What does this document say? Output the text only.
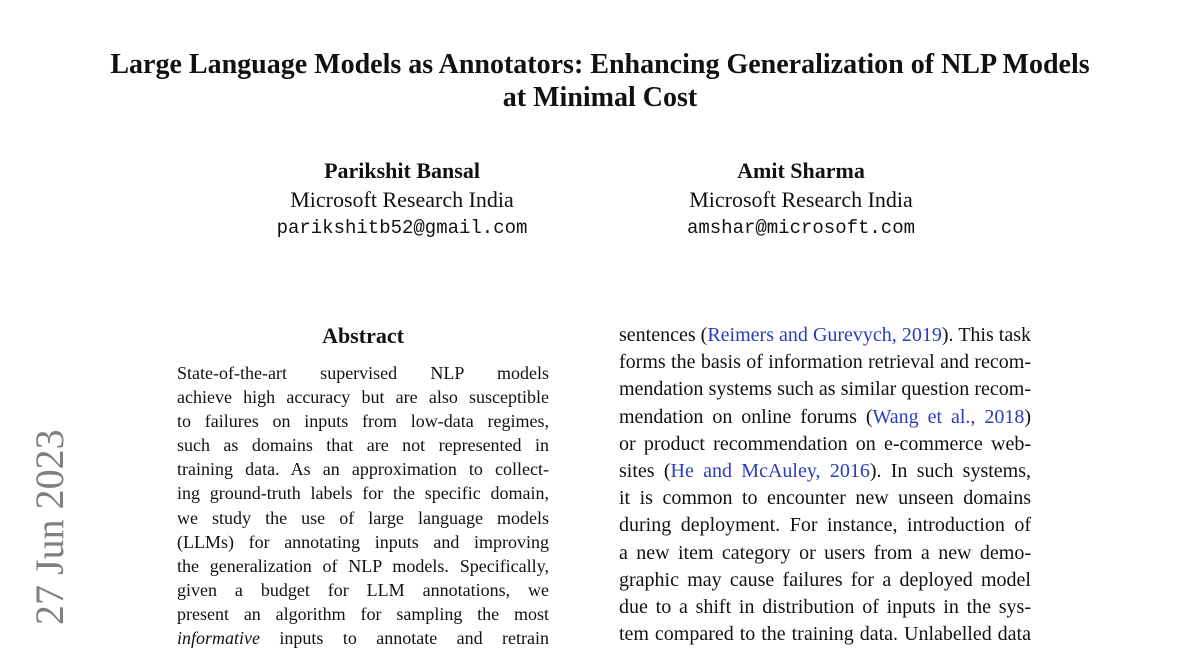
Large Language Models as Annotators: Enhancing Generalization of NLP Models at Minimal Cost
Parikshit Bansal
Microsoft Research India
parikshitb52@gmail.com
Amit Sharma
Microsoft Research India
amshar@microsoft.com
27 Jun 2023
Abstract
State-of-the-art supervised NLP models
achieve high accuracy but are also susceptible
to failures on inputs from low-data regimes,
such as domains that are not represented in
training data. As an approximation to collect-
ing ground-truth labels for the specific domain,
we study the use of large language models
(LLMs) for annotating inputs and improving
the generalization of NLP models. Specifically,
given a budget for LLM annotations, we
present an algorithm for sampling the most
informative inputs to annotate and retrain
sentences (Reimers and Gurevych, 2019). This task
forms the basis of information retrieval and recom-
mendation systems such as similar question recom-
mendation on online forums (Wang et al., 2018)
or product recommendation on e-commerce web-
sites (He and McAuley, 2016). In such systems,
it is common to encounter new unseen domains
during deployment. For instance, introduction of
a new item category or users from a new demo-
graphic may cause failures for a deployed model
due to a shift in distribution of inputs in the sys-
tem compared to the training data. Unlabelled data
